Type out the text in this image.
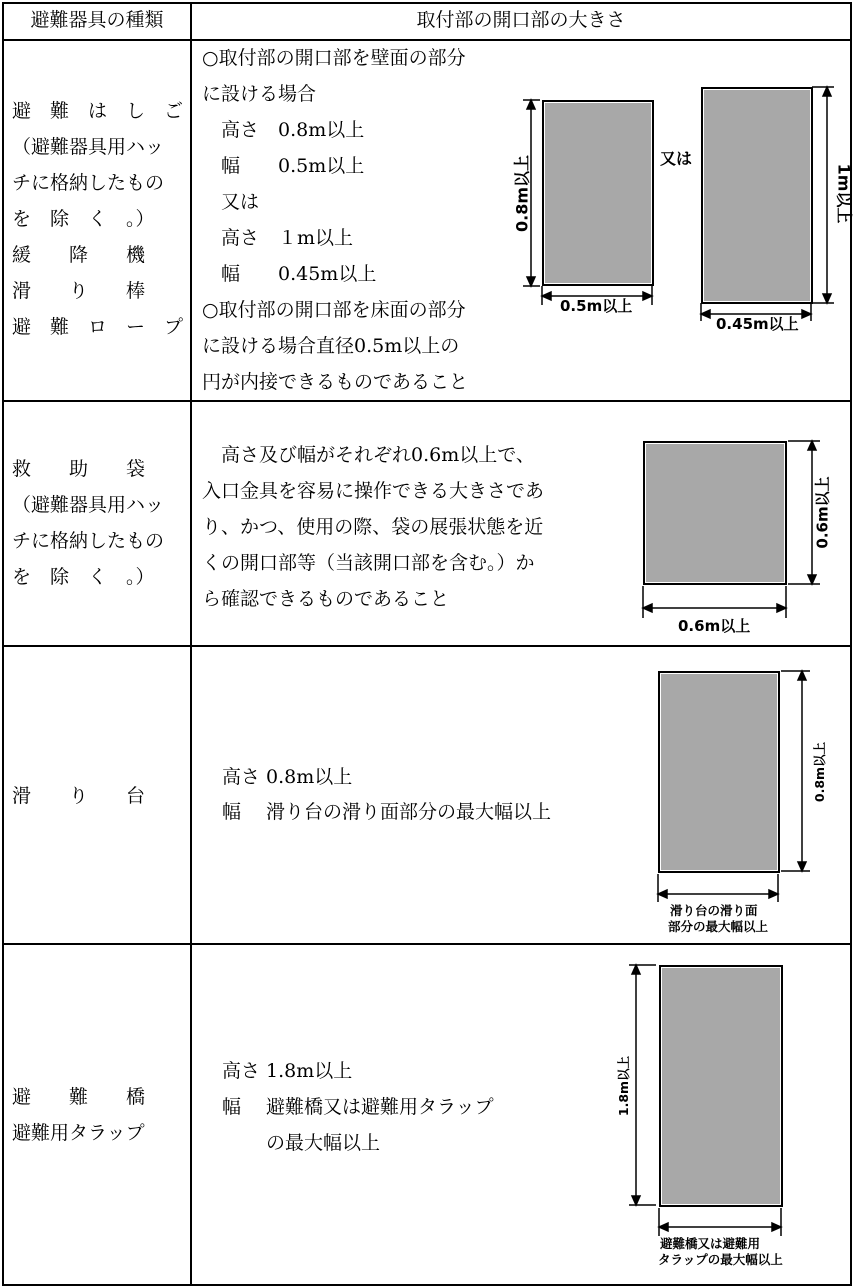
避難器具の種類	取付部の開口部の大きさ
避　難　は　し　ご
（避難器具用ハッ
チに格納したもの
を　除　く　。）
緩　　降　　機
滑　　り　　棒
避　難　ロ　ー　プ
○取付部の開口部を壁面の部分
に設ける場合
　高さ　0.8m以上
　幅　　0.5m以上
　又は
　高さ　１m以上
　幅　　0.45m以上
○取付部の開口部を床面の部分
に設ける場合直径0.5m以上の
円が内接できるものであること
0.8m以上
0.5m以上
又は
1m以上
0.45m以上
救　　助　　袋
（避難器具用ハッ
チに格納したもの
を　除　く　。）
　高さ及び幅がそれぞれ0.6m以上で、
入口金具を容易に操作できる大きさであ
り、かつ、使用の際、袋の展張状態を近
くの開口部等（当該開口部を含む。）か
ら確認できるものであること
0.6m以上
0.6m以上
滑　　り　　台
高さ 0.8m以上
幅　 滑り台の滑り面部分の最大幅以上
0.8m以上
滑り台の滑り面
部分の最大幅以上
避　　難　　橋
避難用タラップ
高さ 1.8m以上
幅　 避難橋又は避難用タラップ
　　 の最大幅以上
1.8m以上
避難橋又は避難用
タラップの最大幅以上
